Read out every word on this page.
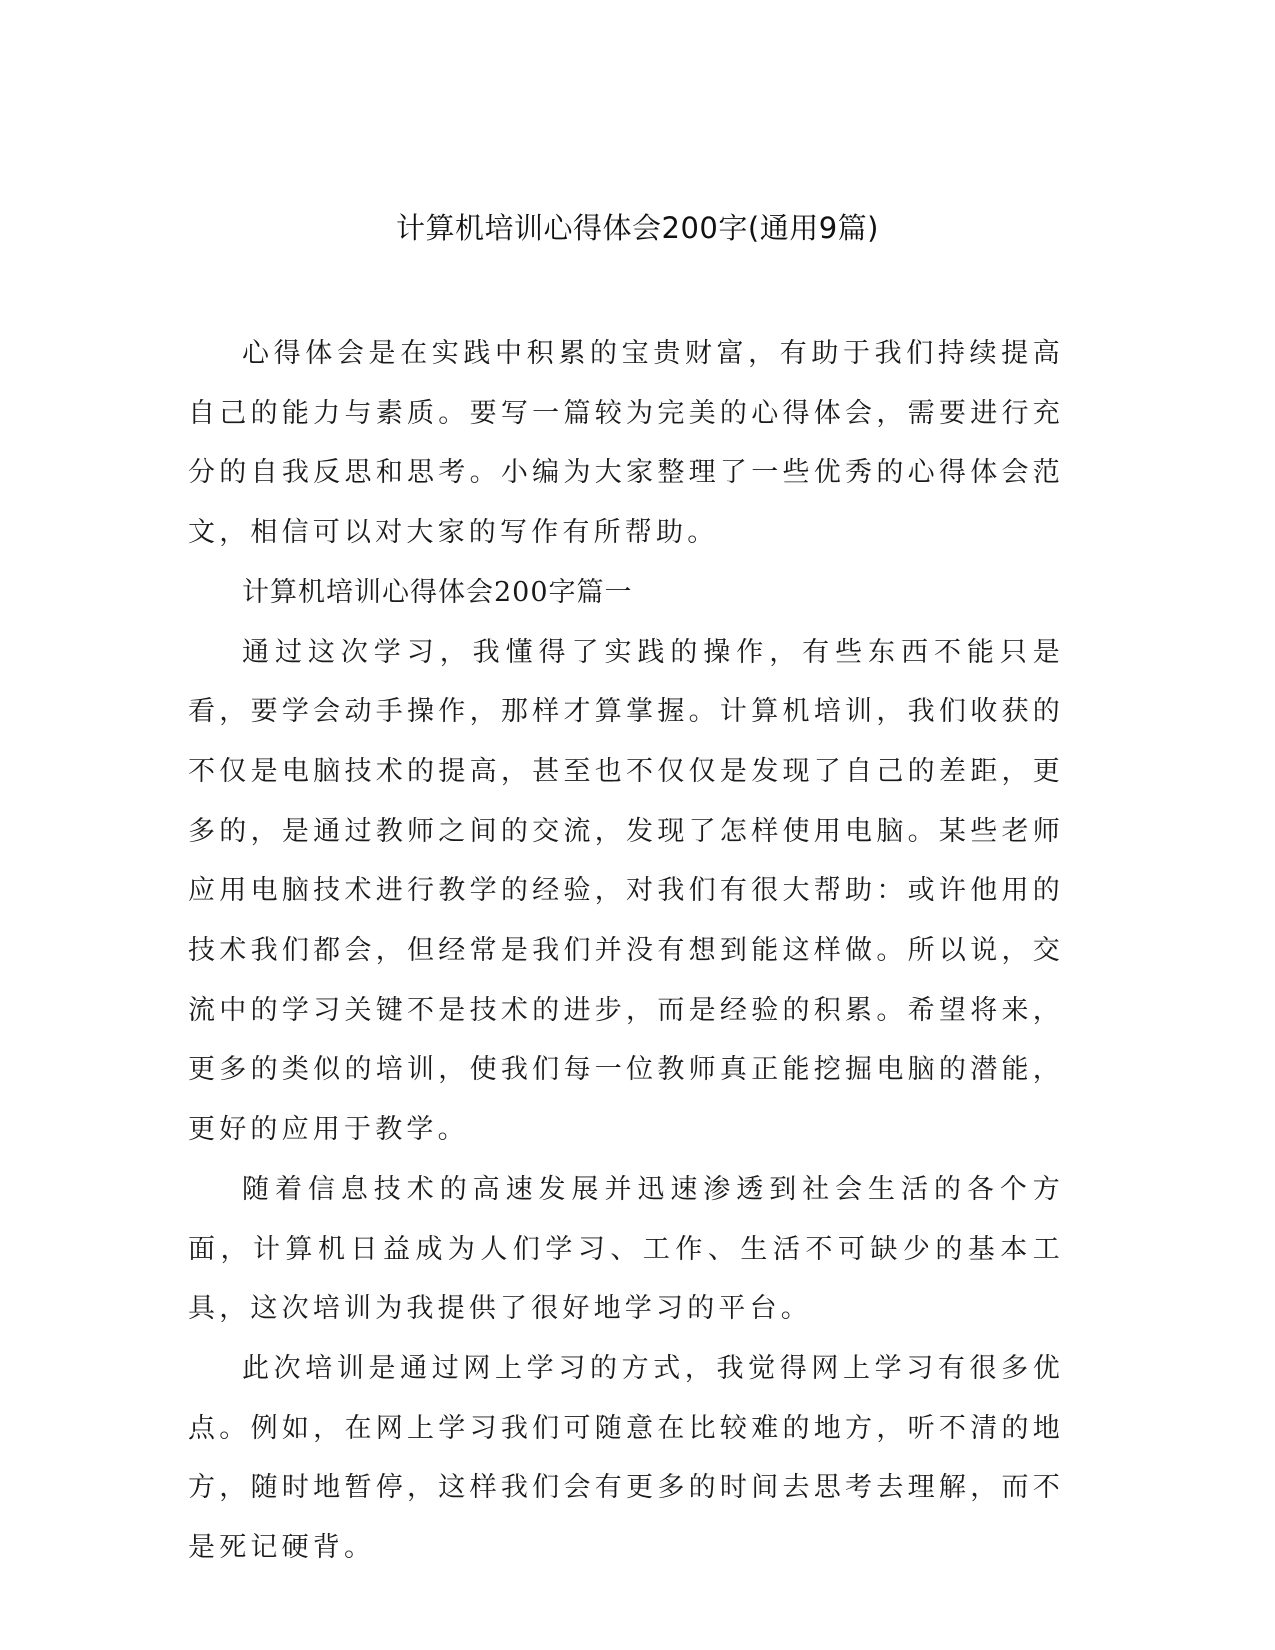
计算机培训心得体会200字(通用9篇)

心得体会是在实践中积累的宝贵财富，有助于我们持续提高自己的能力与素质。要写一篇较为完美的心得体会，需要进行充分的自我反思和思考。小编为大家整理了一些优秀的心得体会范文，相信可以对大家的写作有所帮助。

计算机培训心得体会200字篇一

通过这次学习，我懂得了实践的操作，有些东西不能只是看，要学会动手操作，那样才算掌握。计算机培训，我们收获的不仅是电脑技术的提高，甚至也不仅仅是发现了自己的差距，更多的，是通过教师之间的交流，发现了怎样使用电脑。某些老师应用电脑技术进行教学的经验，对我们有很大帮助：或许他用的技术我们都会，但经常是我们并没有想到能这样做。所以说，交流中的学习关键不是技术的进步，而是经验的积累。希望将来，更多的类似的培训，使我们每一位教师真正能挖掘电脑的潜能，更好的应用于教学。

随着信息技术的高速发展并迅速渗透到社会生活的各个方面，计算机日益成为人们学习、工作、生活不可缺少的基本工具，这次培训为我提供了很好地学习的平台。

此次培训是通过网上学习的方式，我觉得网上学习有很多优点。例如，在网上学习我们可随意在比较难的地方，听不清的地方，随时地暂停，这样我们会有更多的时间去思考去理解，而不是死记硬背。
